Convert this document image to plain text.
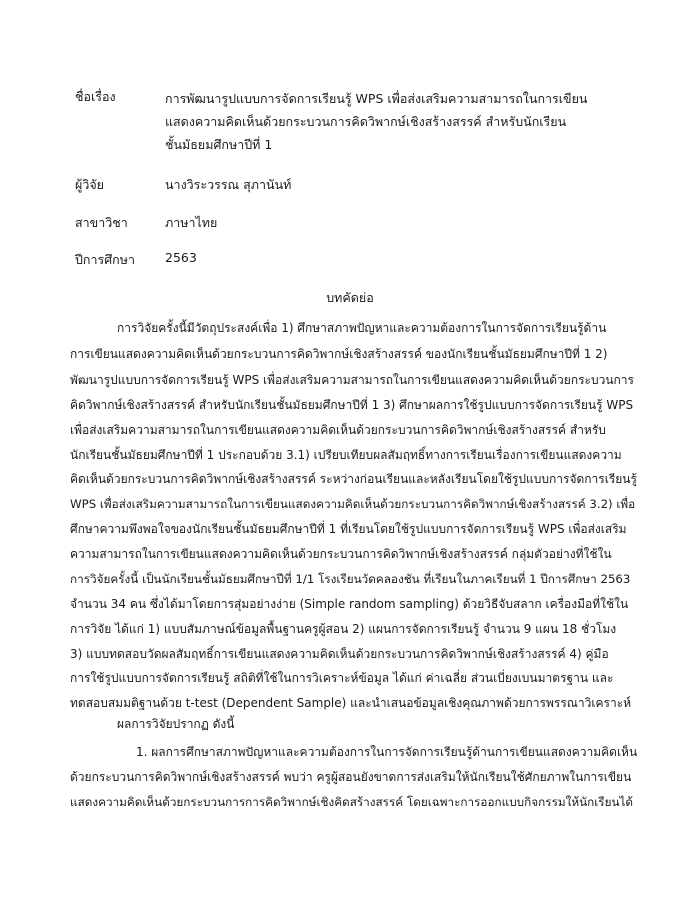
ชื่อเรื่อง	การพัฒนารูปแบบการจัดการเรียนรู้ WPS เพื่อส่งเสริมความสามารถในการเขียน
แสดงความคิดเห็นด้วยกระบวนการคิดวิพากษ์เชิงสร้างสรรค์ สำหรับนักเรียน
ชั้นมัธยมศึกษาปีที่ 1
ผู้วิจัย	นางวิระวรรณ สุภานันท์
สาขาวิชา	ภาษาไทย
ปีการศึกษา	2563
บทคัดย่อ
การวิจัยครั้งนี้มีวัตถุประสงค์เพื่อ 1) ศึกษาสภาพปัญหาและความต้องการในการจัดการเรียนรู้ด้าน
การเขียนแสดงความคิดเห็นด้วยกระบวนการคิดวิพากษ์เชิงสร้างสรรค์ ของนักเรียนชั้นมัธยมศึกษาปีที่ 1 2)
พัฒนารูปแบบการจัดการเรียนรู้ WPS เพื่อส่งเสริมความสามารถในการเขียนแสดงความคิดเห็นด้วยกระบวนการ
คิดวิพากษ์เชิงสร้างสรรค์ สำหรับนักเรียนชั้นมัธยมศึกษาปีที่ 1 3) ศึกษาผลการใช้รูปแบบการจัดการเรียนรู้ WPS
เพื่อส่งเสริมความสามารถในการเขียนแสดงความคิดเห็นด้วยกระบวนการคิดวิพากษ์เชิงสร้างสรรค์ สำหรับ
นักเรียนชั้นมัธยมศึกษาปีที่ 1 ประกอบด้วย 3.1) เปรียบเทียบผลสัมฤทธิ์ทางการเรียนเรื่องการเขียนแสดงความ
คิดเห็นด้วยกระบวนการคิดวิพากษ์เชิงสร้างสรรค์ ระหว่างก่อนเรียนและหลังเรียนโดยใช้รูปแบบการจัดการเรียนรู้
WPS เพื่อส่งเสริมความสามารถในการเขียนแสดงความคิดเห็นด้วยกระบวนการคิดวิพากษ์เชิงสร้างสรรค์ 3.2) เพื่อ
ศึกษาความพึงพอใจของนักเรียนชั้นมัธยมศึกษาปีที่ 1 ที่เรียนโดยใช้รูปแบบการจัดการเรียนรู้ WPS เพื่อส่งเสริม
ความสามารถในการเขียนแสดงความคิดเห็นด้วยกระบวนการคิดวิพากษ์เชิงสร้างสรรค์ กลุ่มตัวอย่างที่ใช้ใน
การวิจัยครั้งนี้ เป็นนักเรียนชั้นมัธยมศึกษาปีที่ 1/1 โรงเรียนวัดคลองชัน ที่เรียนในภาคเรียนที่ 1 ปีการศึกษา 2563
จำนวน 34 คน ซึ่งได้มาโดยการสุ่มอย่างง่าย (Simple random sampling) ด้วยวิธีจับสลาก เครื่องมือที่ใช้ใน
การวิจัย ได้แก่ 1) แบบสัมภาษณ์ข้อมูลพื้นฐานครูผู้สอน 2) แผนการจัดการเรียนรู้ จำนวน 9 แผน 18 ชั่วโมง
3) แบบทดสอบวัดผลสัมฤทธิ์การเขียนแสดงความคิดเห็นด้วยกระบวนการคิดวิพากษ์เชิงสร้างสรรค์ 4) คู่มือ
การใช้รูปแบบการจัดการเรียนรู้ สถิติที่ใช้ในการวิเคราะห์ข้อมูล ได้แก่ ค่าเฉลี่ย ส่วนเบี่ยงเบนมาตรฐาน และ
ทดสอบสมมติฐานด้วย t-test (Dependent Sample) และนำเสนอข้อมูลเชิงคุณภาพด้วยการพรรณาวิเคราะห์
ผลการวิจัยปรากฏ ดังนี้
1. ผลการศึกษาสภาพปัญหาและความต้องการในการจัดการเรียนรู้ด้านการเขียนแสดงความคิดเห็น
ด้วยกระบวนการคิดวิพากษ์เชิงสร้างสรรค์ พบว่า ครูผู้สอนยังขาดการส่งเสริมให้นักเรียนใช้ศักยภาพในการเขียน
แสดงความคิดเห็นด้วยกระบวนการการคิดวิพากษ์เชิงคิดสร้างสรรค์ โดยเฉพาะการออกแบบกิจกรรมให้นักเรียนได้
